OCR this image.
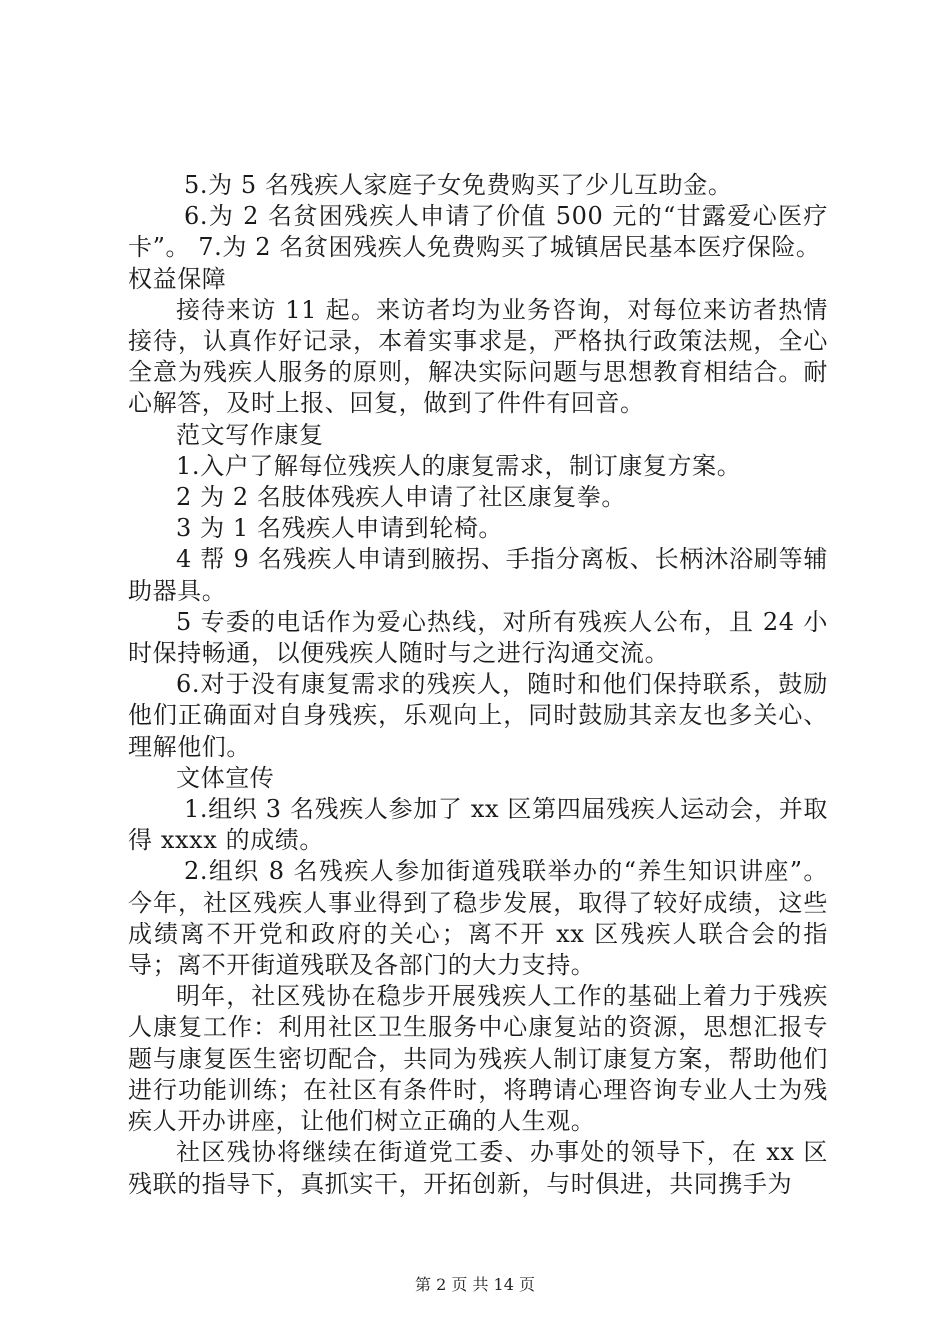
5.为 5 名残疾人家庭子女免费购买了少儿互助金。

6.为 2 名贫困残疾人申请了价值 500 元的“甘露爱心医疗卡”。 7.为 2 名贫困残疾人免费购买了城镇居民基本医疗保险。

权益保障

接待来访 11 起。来访者均为业务咨询，对每位来访者热情接待，认真作好记录，本着实事求是，严格执行政策法规，全心全意为残疾人服务的原则，解决实际问题与思想教育相结合。耐心解答，及时上报、回复，做到了件件有回音。

范文写作康复

1.入户了解每位残疾人的康复需求，制订康复方案。

2 为 2 名肢体残疾人申请了社区康复拳。

3 为 1 名残疾人申请到轮椅。

4 帮 9 名残疾人申请到腋拐、手指分离板、长柄沐浴刷等辅助器具。

5 专委的电话作为爱心热线，对所有残疾人公布，且 24 小时保持畅通，以便残疾人随时与之进行沟通交流。

6.对于没有康复需求的残疾人，随时和他们保持联系，鼓励他们正确面对自身残疾，乐观向上，同时鼓励其亲友也多关心、理解他们。

文体宣传

1.组织 3 名残疾人参加了 xx 区第四届残疾人运动会，并取得 xxxx 的成绩。

2.组织 8 名残疾人参加街道残联举办的“养生知识讲座”。今年，社区残疾人事业得到了稳步发展，取得了较好成绩，这些成绩离不开党和政府的关心；离不开 xx 区残疾人联合会的指导；离不开街道残联及各部门的大力支持。

明年，社区残协在稳步开展残疾人工作的基础上着力于残疾人康复工作：利用社区卫生服务中心康复站的资源，思想汇报专题与康复医生密切配合，共同为残疾人制订康复方案，帮助他们进行功能训练；在社区有条件时，将聘请心理咨询专业人士为残疾人开办讲座，让他们树立正确的人生观。

社区残协将继续在街道党工委、办事处的领导下，在 xx 区残联的指导下，真抓实干，开拓创新，与时俱进，共同携手为

第 2 页 共 14 页
